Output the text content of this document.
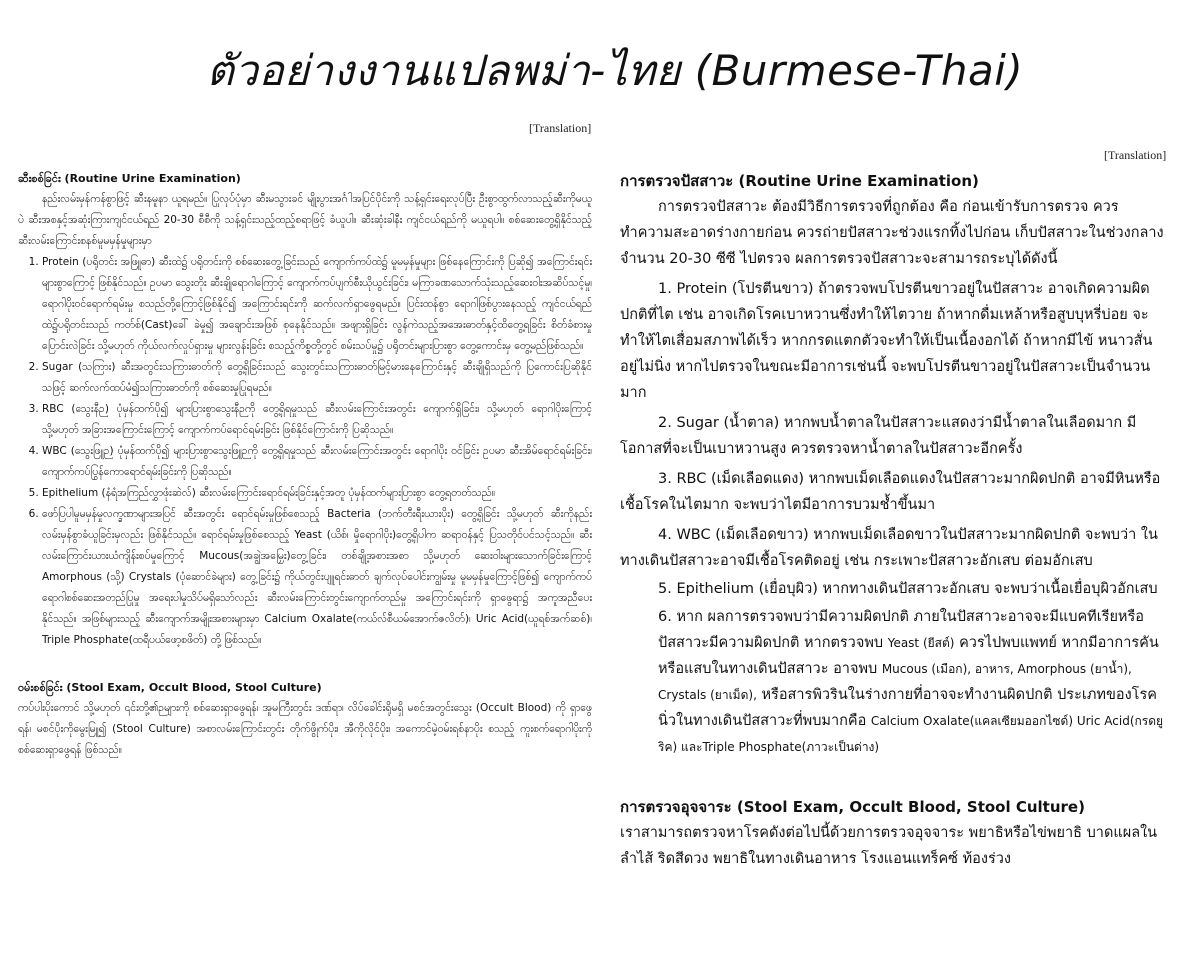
ตัวอย่างงานแปลพม่า-ไทย (Burmese-Thai)
[Translation]
[Translation]

ဆီးစစ်ခြင်း (Routine Urine Examination)

နည်းလမ်းမှန်ကန်စွာဖြင့် ဆီးနမူနာ ယူရမည်။ ပြုလုပ်ပုံမှာ ဆီးမသွားခင် မျိုးပွားအင်္ဂါအပြင်ပိုင်းကို သန့်ရှင်းရေးလုပ်ပြီး ဦးစွာထွက်လာသည့်ဆီးကိုမယူပဲ ဆီးအစနှင့်အဆုံးကြားကျင်ငယ်ရည် 20-30 စီစီကို သန့်ရှင်းသည့်ထည့်စရာဖြင့် ခံယူပါ။ ဆီးဆုံးခါနီး ကျင်ငယ်ရည်ကို မယူရပါ။ စစ်ဆေးတွေ့ရှိနိုင်သည့် ဆီးလမ်းကြောင်းစနစ်မူမမှန်မှုများမှာ

1. Protein (ပရိုတင်း အဖြူဓာ) ဆီးထဲ၌ ပရိုတင်းကို စစ်ဆေးတွေ့ခြင်းသည် ကျောက်ကပ်ထဲ၌ မူမမှန်မှုများ ဖြစ်နေကြောင်းကို ပြဆို၍ အကြောင်းရင်းများစွာကြောင့် ဖြစ်နိုင်သည်။ ဥပမာ သွေးတိုး ဆီးချိုရောဂါကြောင့် ကျောက်ကပ်ပျက်စီးယိုယွင်းခြင်း၊ မကြာခဏသောက်သုံးသည့်ဆေးဝါးအဆိပ်သင့်မှု၊ ရောဂါပိုးဝင်ရောက်ရမ်းမှု စသည်တို့ကြောင့်ဖြစ်နိုင်၍ အကြောင်းရင်းကို ဆက်လက်ရှာဖွေရမည်။ ပြင်းထန်စွာ ရောဂါဖြစ်ပွားနေသည့် ကျင်ငယ်ရည်ထဲ၌ပရိုတင်းသည် ကတ်စ်(Cast)ခေါ် ခဲမှု၍ အချောင်းအဖြစ် စုနေနိုင်သည်။ အဖျားရှိခြင်း လွန်ကဲသည့်အအေးဓာတ်နှင့်ထိတွေ့ရခြင်း စိတ်ခံစားမှုပြောင်းလဲခြင်း သို့မဟုတ် ကိုယ်လက်လှုပ်ရှားမှု များလွန်းခြင်း စသည့်ကိစ္စတို့တွင် စမ်းသပ်မှု၌ ပရိုတင်းများပြားစွာ တွေ့ကောင်းမှ တွေ့မည်ဖြစ်သည်။
2. Sugar (သကြား) ဆီးအတွင်းသကြားဓာတ်ကို တွေ့ရှိခြင်းသည် သွေးတွင်းသကြားဓာတ်မြင့်မားနေကြောင်းနှင့် ဆီးချိုရှိသည်ကို ပြကောင်းပြဆိုနိုင်သဖြင့် ဆက်လက်ထပ်မံ၍သကြားဓာတ်ကို စစ်ဆေးမှုပြုရမည်။
3. RBC (သွေးနီဉ) ပုံမှန်ထက်ပို၍ များပြားစွာသွေးနီဉကို တွေ့ရှိရမှုသည် ဆီးလမ်းကြောင်းအတွင်း ကျောက်ရှိခြင်း၊ သို့မဟုတ် ရောဂါပိုးကြောင့် သို့မဟုတ် အခြားအကြောင်းကြောင့် ကျောက်ကပ်ရောင်ရမ်းခြင်း ဖြစ်နိုင်ကြောင်းကို ပြဆိုသည်။
4. WBC (သွေးဖြူဉ) ပုံမှန်ထက်ပို၍ များပြားစွာသွေးဖြူဉကို တွေ့ရှိရမှုသည် ဆီးလမ်းကြောင်းအတွင်း ရောဂါပိုး ဝင်ခြင်း ဥပမာ ဆီးအိမ်ရောင်ရမ်းခြင်း၊ ကျောက်ကပ်ပြွန်ကောရောင်ရမ်းခြင်းကို ပြဆိုသည်။
5. Epithelium (နံရံအကြည်လွှာဖုံးဆဲလ်) ဆီးလမ်းကြောင်းရောင်ရမ်းခြင်းနှင့်အတူ ပုံမှန်ထက်များပြားစွာ တွေ့ရတတ်သည်။
6. ဖော်ပြပါမူမမှန်မှုလက္ခဏာများအပြင် ဆီးအတွင်း ရောင်ရမ်းမှုဖြစ်စေသည့် Bacteria (ဘက်တီးရီးယားပိုး) တွေ့ရှိခြင်း သို့မဟုတ် ဆီးကိုနည်းလမ်းမှန်စွာခံယူခြင်းမှလည်း ဖြစ်နိုင်သည်။ ရောင်ရမ်းမှုဖြစ်စေသည့် Yeast (ယိစ်၊ မှိုရောဂါပိုး)တွေ့ရှိပါက ဆရာဝန်နှင့် ပြသတိုင်ပင်သင့်သည်။ ဆီးလမ်းကြောင်းယားယံကျိန်းစပ်မှုကြောင့် Mucous(အချွဲအမြှေး)တွေ့ခြင်း၊ တစ်ချို့အစားအစာ သို့မဟုတ် ဆေးဝါးများသောက်ခြင်းကြောင့် Amorphous (သို့) Crystals (ပုံဆောင်ခဲများ) တွေ့ခြင်း၌ ကိုယ်တွင်းပျူရင်းဓာတ် ချက်လုပ်ပေါင်းကျွမ်းမှု မူမမှန်မှုကြောင့်ဖြစ်၍ ကျောက်ကပ်ရောဂါစစ်ဆေးအတည်ပြုမှု အရေးပါမှုသိပ်မရှိသော်လည်း ဆီးလမ်းကြောင်းတွင်းကျောက်တည်မှု အကြောင်းရင်းကို ရှာဖွေရာ၌ အကူအညီပေးနိုင်သည်။ အဖြစ်များသည့် ဆီးကျောက်အမျိုးအစားများမှာ Calcium Oxalate(ကယ်လ်စီယမ်အောက်ဇလိတ်)၊ Uric Acid(ယူရစ်အက်ဆစ်)၊ Triple Phosphate(ထရီပယ်ဖော့စဖိတ်) တို့ ဖြစ်သည်။

ဝမ်းစစ်ခြင်း (Stool Exam, Occult Blood, Stool Culture)

ကပ်ပါးပိုးကောင် သို့မဟုတ် ၎င်းတို့၏ဉများကို စစ်ဆေးရှာဖွေရန်၊ အူမကြီးတွင်း ဒဏ်ရာ၊ လိပ်ခေါင်းရိုမရှိ မစင်အတွင်းသွေး (Occult Blood) ကို ရှာဖွေရန်၊ မစင်ပိုးကိုမွေးမြူ၍ (Stool Culture) အစာလမ်းကြောင်းတွင်း တိုက်ဖွိုက်ပိုး၊ အီကိုလိုင်ပိုး၊ အကောင်မဲ့ဝမ်းရစ်နာပိုး စသည့် ကူးစက်ရောဂါပိုးကို စစ်ဆေးရှာဖွေရန် ဖြစ်သည်။

การตรวจปัสสาวะ (Routine Urine Examination)

การตรวจปัสสาวะ ต้องมีวิธีการตรวจที่ถูกต้อง คือ ก่อนเข้ารับการตรวจ ควรทำความสะอาดร่างกายก่อน ควรถ่ายปัสสาวะช่วงแรกทิ้งไปก่อน เก็บปัสสาวะในช่วงกลางจำนวน 20-30 ซีซี ไปตรวจ ผลการตรวจปัสสาวะจะสามารถระบุได้ดังนี้

1. Protein (โปรตีนขาว) ถ้าตรวจพบโปรตีนขาวอยู่ในปัสสาวะ อาจเกิดความผิดปกติที่ไต เช่น อาจเกิดโรคเบาหวานซึ่งทำให้ไตวาย ถ้าหากดื่มเหล้าหรือสูบบุหรี่บ่อย จะทำให้ไตเสื่อมสภาพได้เร็ว หากกรดแตกตัวจะทำให้เป็นเนื้องอกได้ ถ้าหากมีไข้ หนาวสั่น อยู่ไม่นิ่ง หากไปตรวจในขณะมีอาการเช่นนี้ จะพบโปรตีนขาวอยู่ในปัสสาวะเป็นจำนวนมาก

2. Sugar (น้ำตาล) หากพบน้ำตาลในปัสสาวะแสดงว่ามีน้ำตาลในเลือดมาก มีโอกาสที่จะเป็นเบาหวานสูง ควรตรวจหาน้ำตาลในปัสสาวะอีกครั้ง

3. RBC (เม็ดเลือดแดง) หากพบเม็ดเลือดแดงในปัสสาวะมากผิดปกติ อาจมีหินหรือเชื้อโรคในไตมาก จะพบว่าไตมีอาการบวมช้ำขึ้นมา

4. WBC (เม็ดเลือดขาว) หากพบเม็ดเลือดขาวในปัสสาวะมากผิดปกติ จะพบว่า ในทางเดินปัสสาวะอาจมีเชื้อโรคติดอยู่ เช่น กระเพาะปัสสาวะอักเสบ ต่อมอักเสบ

5. Epithelium (เยื่อบุผิว) หากทางเดินปัสสาวะอักเสบ จะพบว่าเนื้อเยื่อบุผิวอักเสบ

6. หาก ผลการตรวจพบว่ามีความผิดปกติ ภายในปัสสาวะอาจจะมีแบคทีเรียหรือปัสสาวะมีความผิดปกติ หากตรวจพบ Yeast (ยีสต์) ควรไปพบแพทย์ หากมีอาการคันหรือแสบในทางเดินปัสสาวะ อาจพบ Mucous (เมือก), อาหาร, Amorphous (ยาน้ำ), Crystals (ยาเม็ด), หรือสารพิวรินในร่างกายที่อาจจะทำงานผิดปกติ ประเภทของโรคนิ่วในทางเดินปัสสาวะที่พบมากคือ Calcium Oxalate(แคลเซียมออกไซด์) Uric Acid(กรดยูริค) และTriple Phosphate(ภาวะเป็นด่าง)

การตรวจอุจจาระ (Stool Exam, Occult Blood, Stool Culture)

เราสามารถตรวจหาโรคดังต่อไปนี้ด้วยการตรวจอุจจาระ พยาธิหรือไข่พยาธิ บาดแผลในลำไส้ ริดสีดวง พยาธิในทางเดินอาหาร โรงแอนแทร็คซ์ ท้องร่วง
